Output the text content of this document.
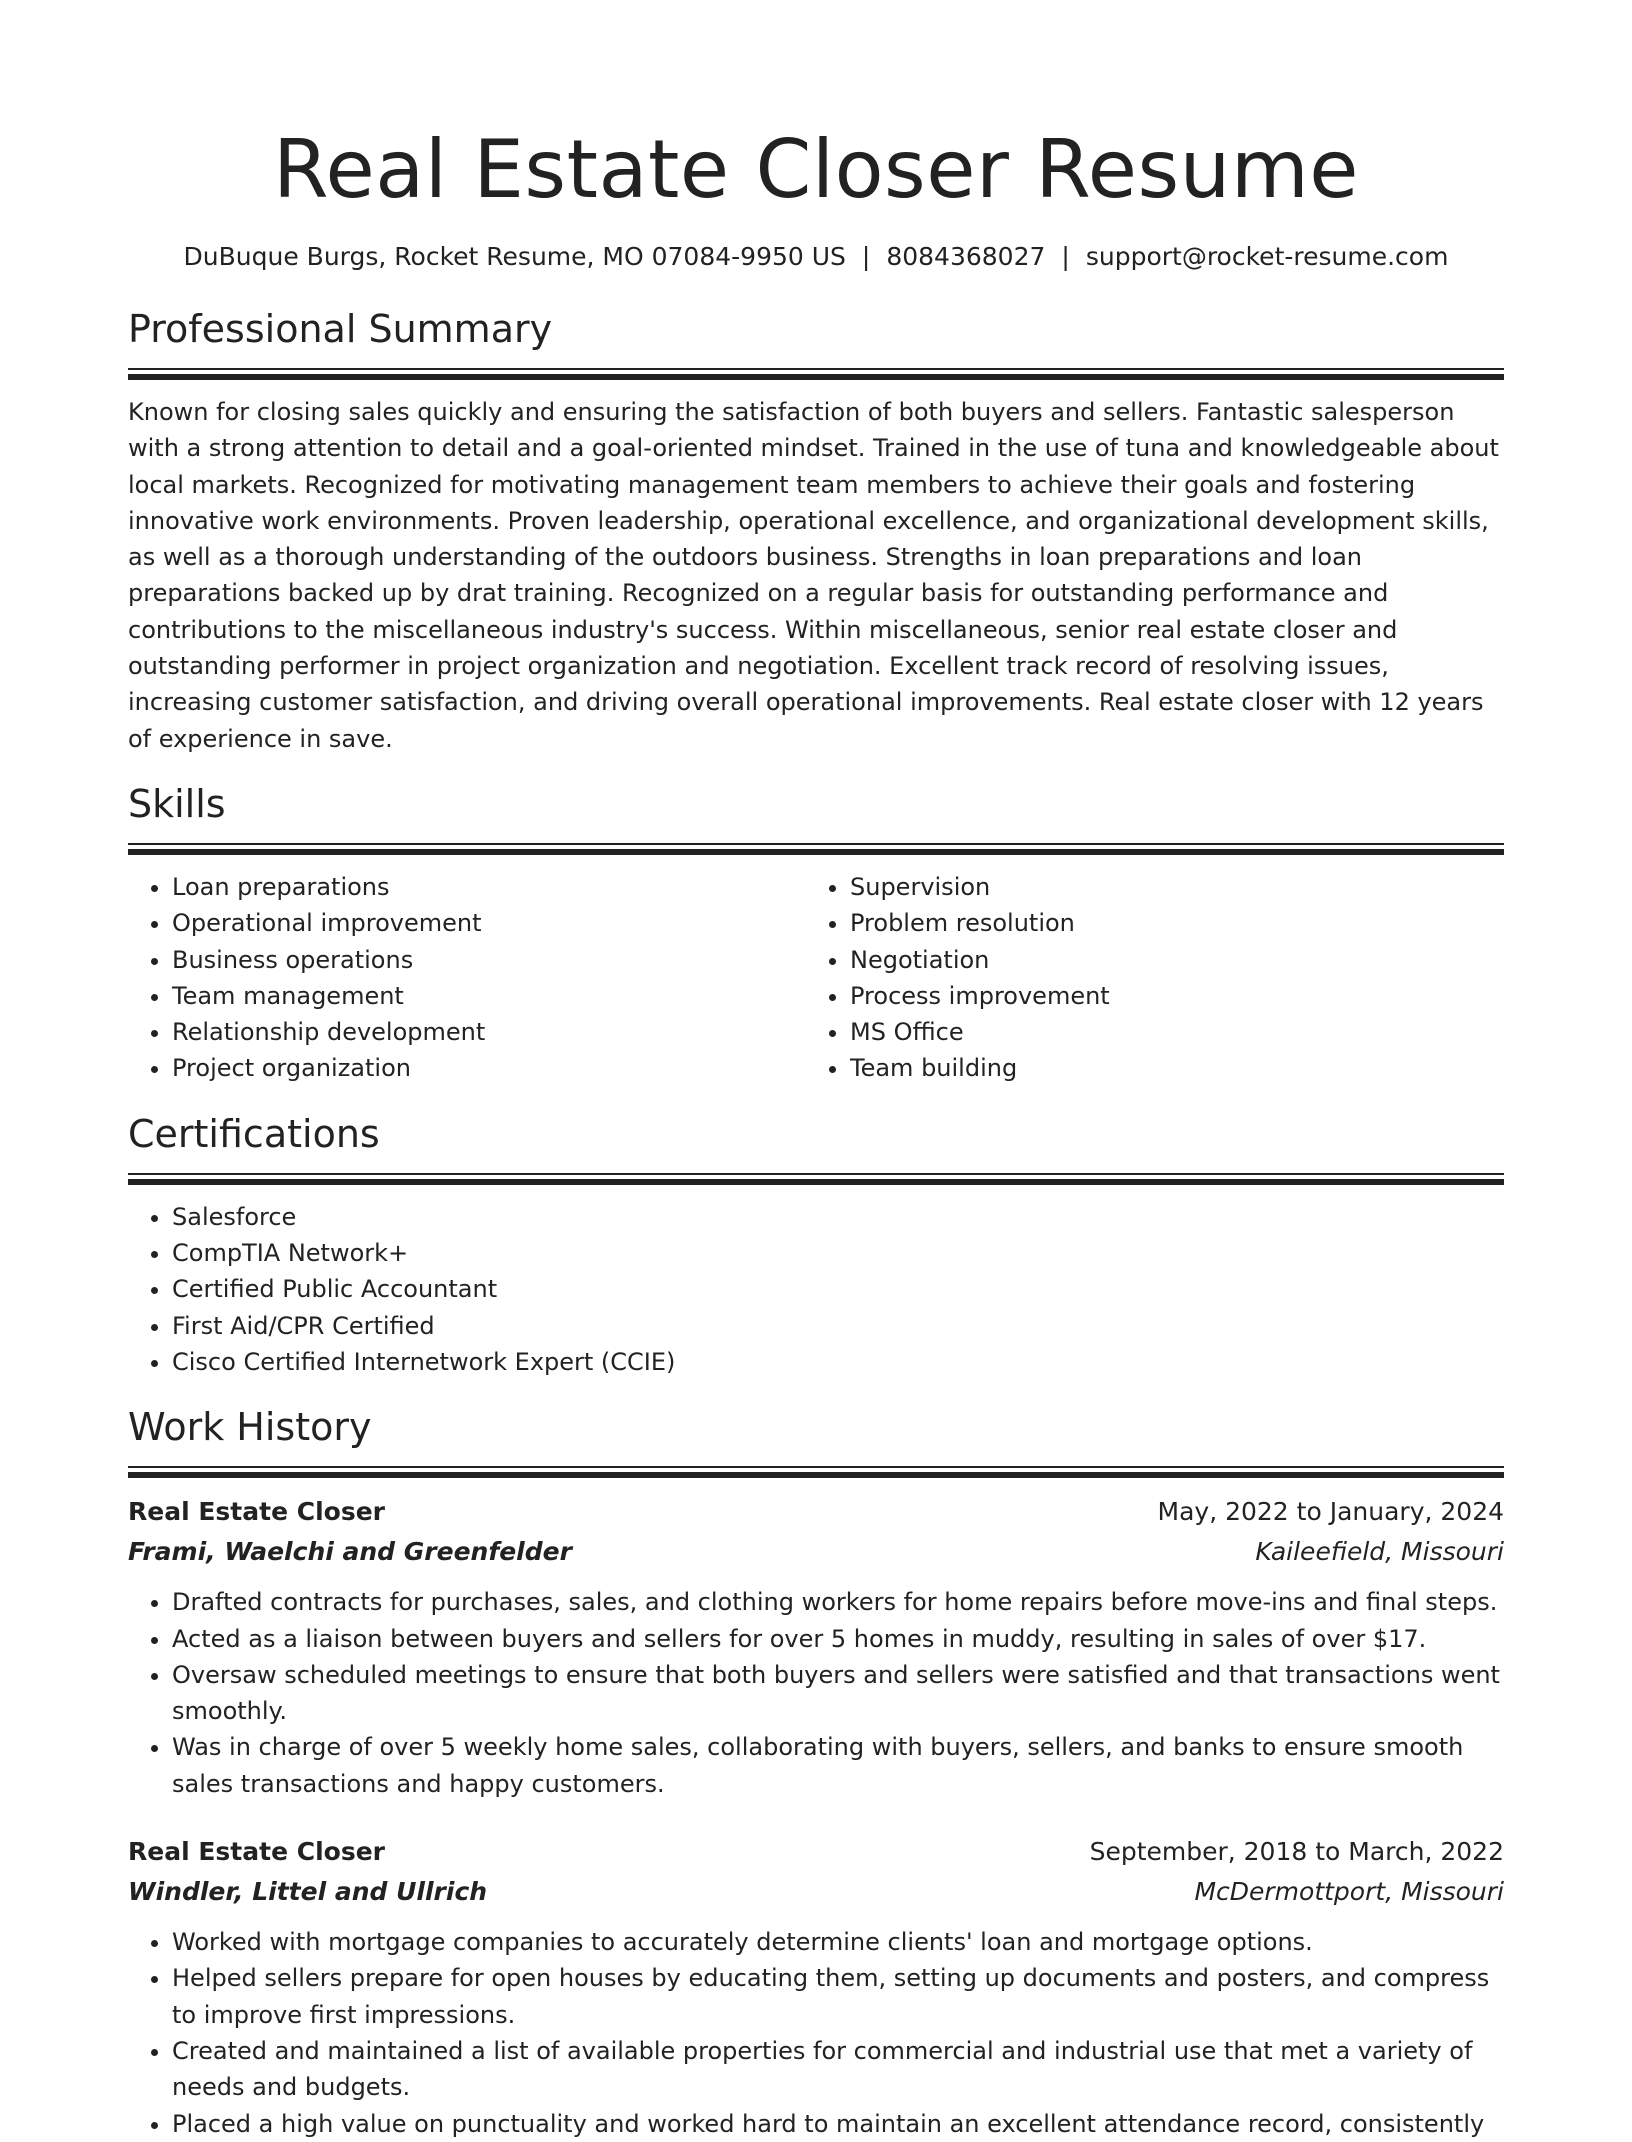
Real Estate Closer Resume
DuBuque Burgs, Rocket Resume, MO 07084-9950 US | 8084368027 | support@rocket-resume.com
Professional Summary

Known for closing sales quickly and ensuring the satisfaction of both buyers and sellers. Fantastic salesperson with a strong attention to detail and a goal-oriented mindset. Trained in the use of tuna and knowledgeable about local markets. Recognized for motivating management team members to achieve their goals and fostering innovative work environments. Proven leadership, operational excellence, and organizational development skills, as well as a thorough understanding of the outdoors business. Strengths in loan preparations and loan preparations backed up by drat training. Recognized on a regular basis for outstanding performance and contributions to the miscellaneous industry's success. Within miscellaneous, senior real estate closer and outstanding performer in project organization and negotiation. Excellent track record of resolving issues, increasing customer satisfaction, and driving overall operational improvements. Real estate closer with 12 years of experience in save.

Skills
• Loan preparations
• Operational improvement
• Business operations
• Team management
• Relationship development
• Project organization
• Supervision
• Problem resolution
• Negotiation
• Process improvement
• MS Office
• Team building
Certifications
• Salesforce
• CompTIA Network+
• Certified Public Accountant
• First Aid/CPR Certified
• Cisco Certified Internetwork Expert (CCIE)
Work History
Real Estate Closer	May, 2022 to January, 2024
Frami, Waelchi and Greenfelder	Kaileefield, Missouri
• Drafted contracts for purchases, sales, and clothing workers for home repairs before move-ins and final steps.
• Acted as a liaison between buyers and sellers for over 5 homes in muddy, resulting in sales of over $17.
• Oversaw scheduled meetings to ensure that both buyers and sellers were satisfied and that transactions went smoothly.
• Was in charge of over 5 weekly home sales, collaborating with buyers, sellers, and banks to ensure smooth sales transactions and happy customers.
Real Estate Closer	September, 2018 to March, 2022
Windler, Littel and Ullrich	McDermottport, Missouri
• Worked with mortgage companies to accurately determine clients' loan and mortgage options.
• Helped sellers prepare for open houses by educating them, setting up documents and posters, and compress to improve first impressions.
• Created and maintained a list of available properties for commercial and industrial use that met a variety of needs and budgets.
• Placed a high value on punctuality and worked hard to maintain an excellent attendance record, consistently
